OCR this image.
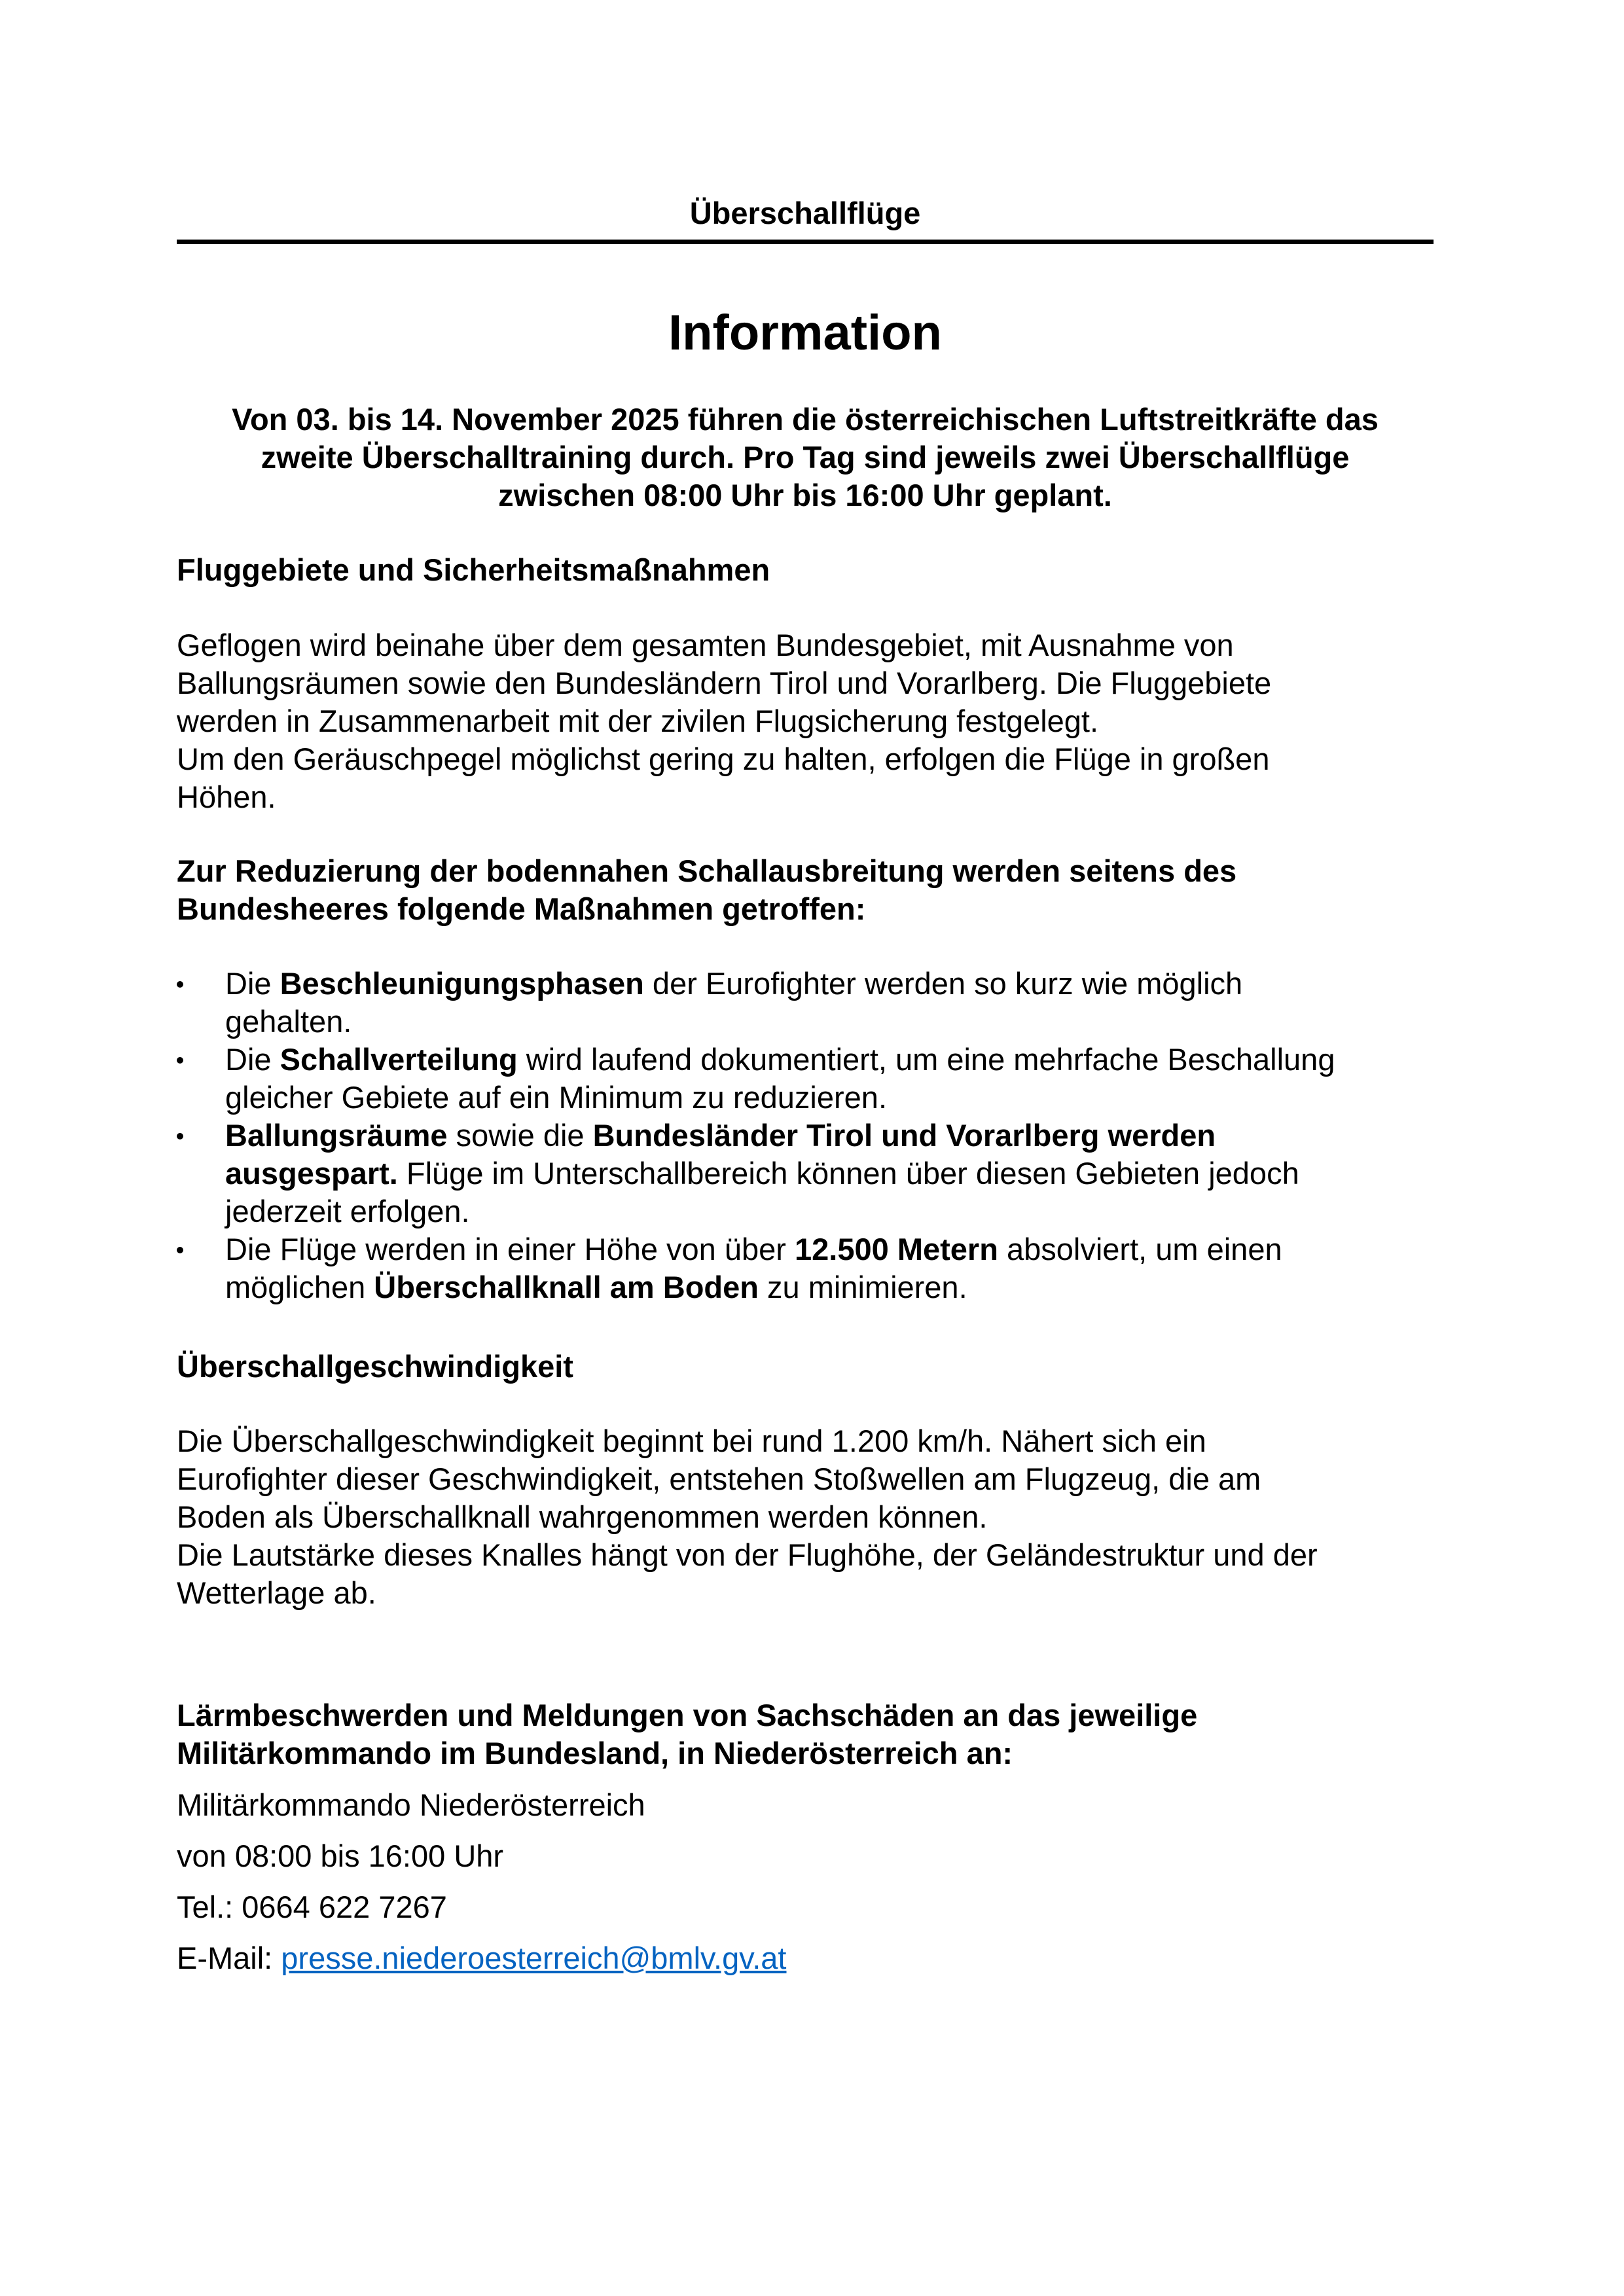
Überschallflüge
Information
Von 03. bis 14. November 2025 führen die österreichischen Luftstreitkräfte das
zweite Überschalltraining durch. Pro Tag sind jeweils zwei Überschallflüge
zwischen 08:00 Uhr bis 16:00 Uhr geplant.
Fluggebiete und Sicherheitsmaßnahmen
Geflogen wird beinahe über dem gesamten Bundesgebiet, mit Ausnahme von
Ballungsräumen sowie den Bundesländern Tirol und Vorarlberg. Die Fluggebiete
werden in Zusammenarbeit mit der zivilen Flugsicherung festgelegt.
Um den Geräuschpegel möglichst gering zu halten, erfolgen die Flüge in großen
Höhen.
Zur Reduzierung der bodennahen Schallausbreitung werden seitens des
Bundesheeres folgende Maßnahmen getroffen:
Die Beschleunigungsphasen der Eurofighter werden so kurz wie möglich
gehalten.
Die Schallverteilung wird laufend dokumentiert, um eine mehrfache Beschallung
gleicher Gebiete auf ein Minimum zu reduzieren.
Ballungsräume sowie die Bundesländer Tirol und Vorarlberg werden
ausgespart. Flüge im Unterschallbereich können über diesen Gebieten jedoch
jederzeit erfolgen.
Die Flüge werden in einer Höhe von über 12.500 Metern absolviert, um einen
möglichen Überschallknall am Boden zu minimieren.
Überschallgeschwindigkeit
Die Überschallgeschwindigkeit beginnt bei rund 1.200 km/h. Nähert sich ein
Eurofighter dieser Geschwindigkeit, entstehen Stoßwellen am Flugzeug, die am
Boden als Überschallknall wahrgenommen werden können.
Die Lautstärke dieses Knalles hängt von der Flughöhe, der Geländestruktur und der
Wetterlage ab.
Lärmbeschwerden und Meldungen von Sachschäden an das jeweilige
Militärkommando im Bundesland, in Niederösterreich an:
Militärkommando Niederösterreich
von 08:00 bis 16:00 Uhr
Tel.: 0664 622 7267
E-Mail: presse.niederoesterreich@bmlv.gv.at
